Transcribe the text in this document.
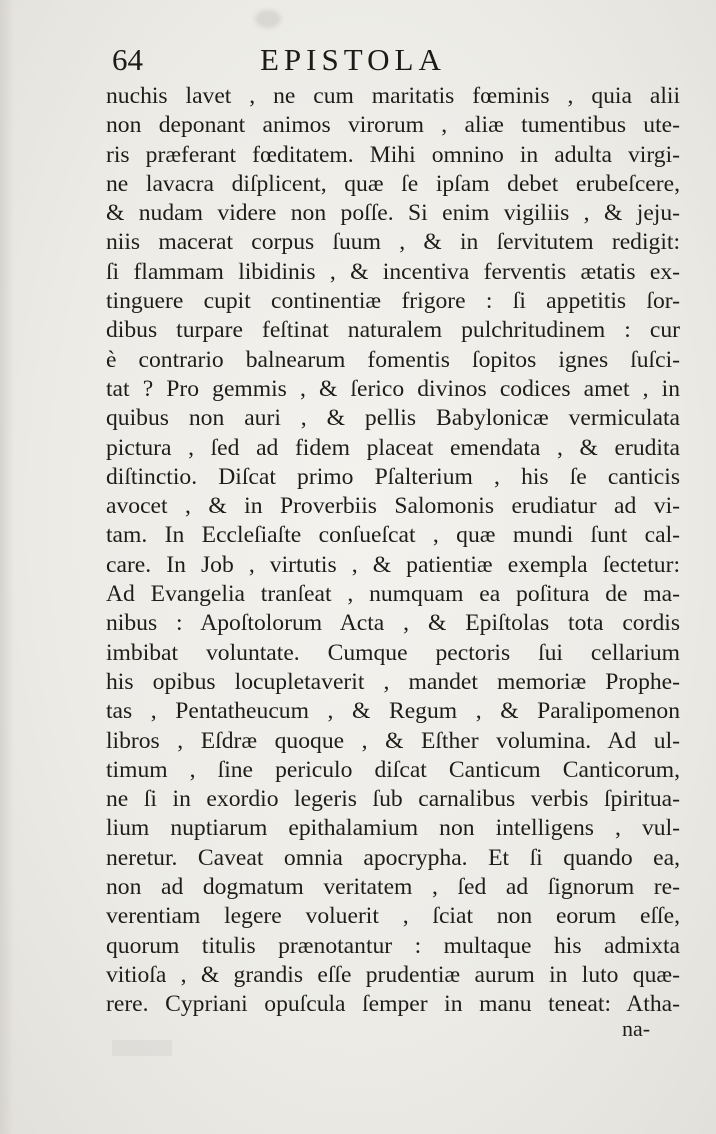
64	EPISTOLA
nuchis lavet , ne cum maritatis fœminis , quia alii
non deponant animos virorum , aliæ tumentibus ute-
ris præferant fœditatem. Mihi omnino in adulta virgi-
ne lavacra diſplicent, quæ ſe ipſam debet erubeſcere,
& nudam videre non poſſe. Si enim vigiliis , & jeju-
niis macerat corpus ſuum , & in ſervitutem redigit:
ſi flammam libidinis , & incentiva ferventis ætatis ex-
tinguere cupit continentiæ frigore : ſi appetitis ſor-
dibus turpare feſtinat naturalem pulchritudinem : cur
è contrario balnearum fomentis ſopitos ignes ſuſci-
tat ? Pro gemmis , & ſerico divinos codices amet , in
quibus non auri , & pellis Babylonicæ vermiculata
pictura , ſed ad fidem placeat emendata , & erudita
diſtinctio. Diſcat primo Pſalterium , his ſe canticis
avocet , & in Proverbiis Salomonis erudiatur ad vi-
tam. In Eccleſiaſte conſueſcat , quæ mundi ſunt cal-
care. In Job , virtutis , & patientiæ exempla ſectetur:
Ad Evangelia tranſeat , numquam ea poſitura de ma-
nibus : Apoſtolorum Acta , & Epiſtolas tota cordis
imbibat voluntate. Cumque pectoris ſui cellarium
his opibus locupletaverit , mandet memoriæ Prophe-
tas , Pentatheucum , & Regum , & Paralipomenon
libros , Eſdræ quoque , & Eſther volumina. Ad ul-
timum , ſine periculo diſcat Canticum Canticorum,
ne ſi in exordio legeris ſub carnalibus verbis ſpiritua-
lium nuptiarum epithalamium non intelligens , vul-
neretur. Caveat omnia apocrypha. Et ſi quando ea,
non ad dogmatum veritatem , ſed ad ſignorum re-
verentiam legere voluerit , ſciat non eorum eſſe,
quorum titulis prænotantur : multaque his admixta
vitioſa , & grandis eſſe prudentiæ aurum in luto quæ-
rere. Cypriani opuſcula ſemper in manu teneat: Atha-
na-
